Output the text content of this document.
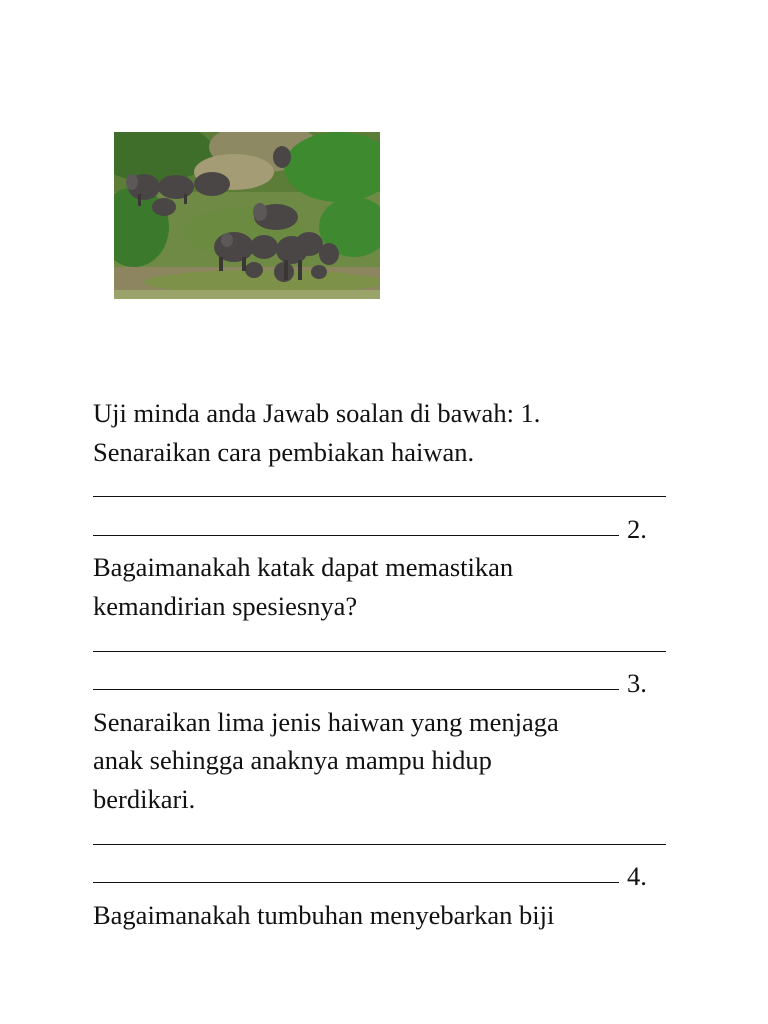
Uji minda anda Jawab soalan di bawah: 1.
Senaraikan cara pembiakan haiwan.
2.
Bagaimanakah katak dapat memastikan
kemandirian spesiesnya?
3.
Senaraikan lima jenis haiwan yang menjaga
anak sehingga anaknya mampu hidup
berdikari.
4.
Bagaimanakah tumbuhan menyebarkan biji
